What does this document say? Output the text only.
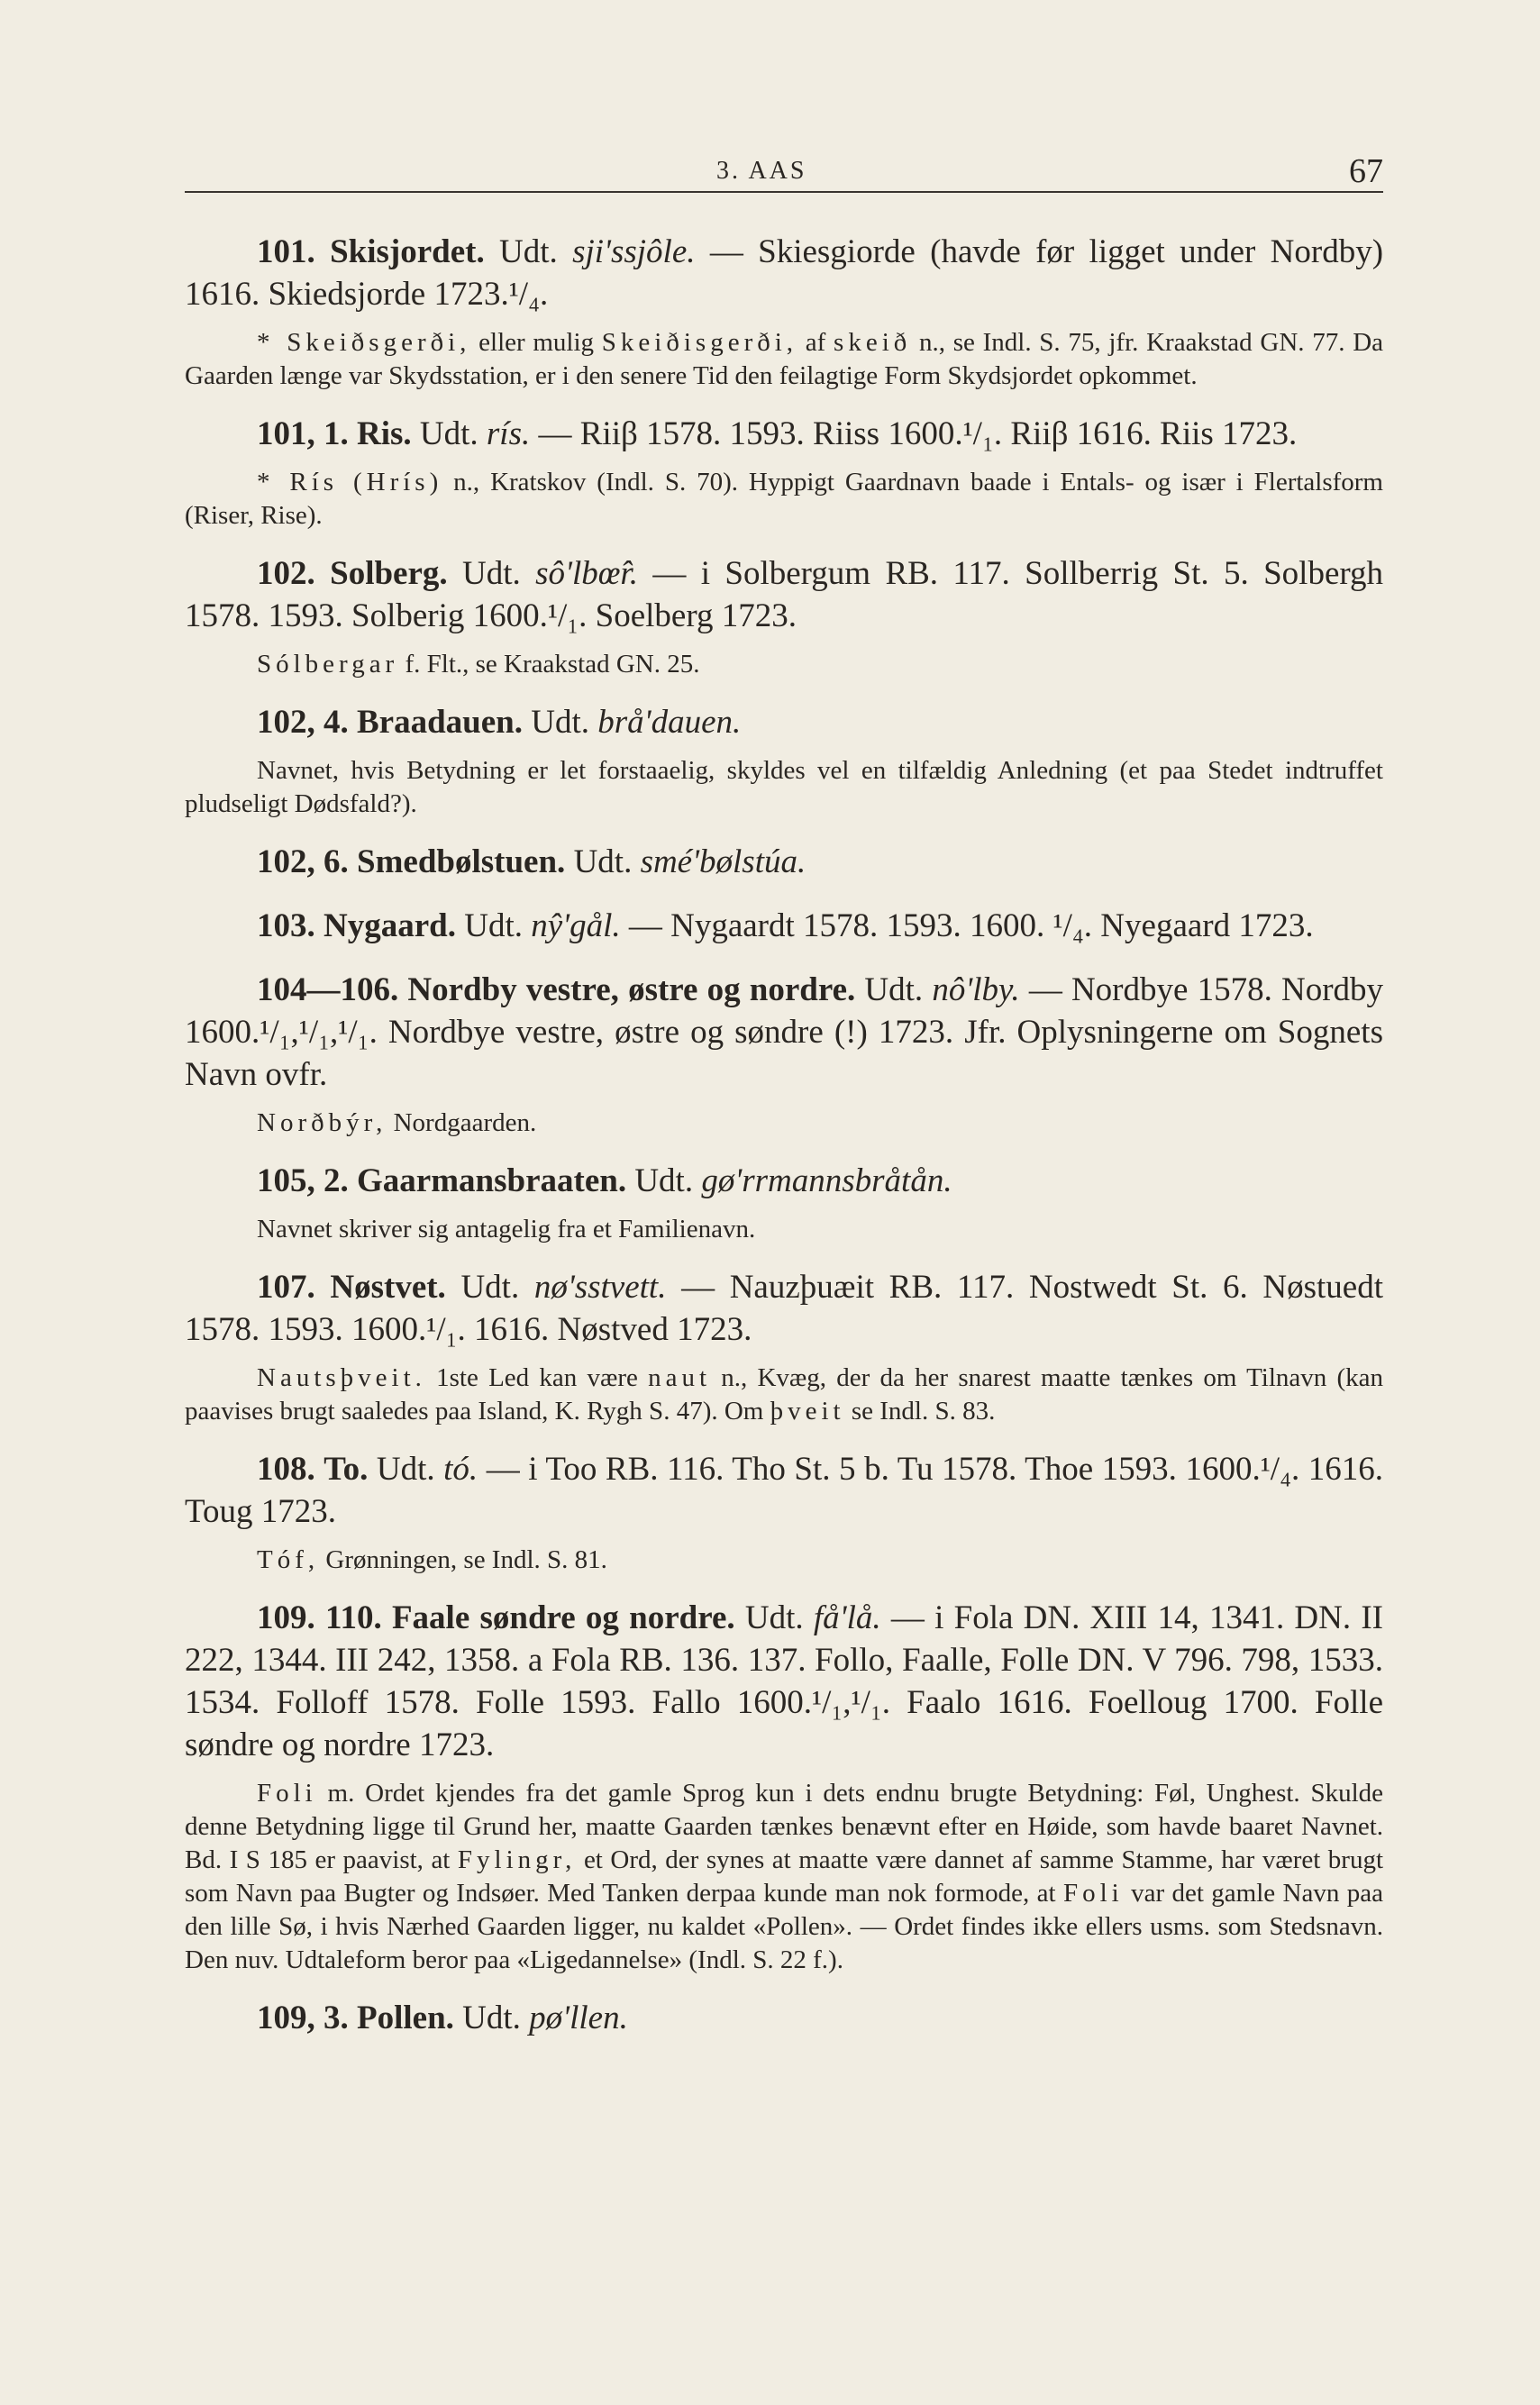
3. AAS	67

101. Skisjordet. Udt. sji'ssjôle. — Skiesgiorde (havde før ligget under Nordby) 1616. Skiedsjorde 1723.¹/₄.

* Skeiðsgerði, eller mulig Skeiðisgerði, af skeið n., se Indl. S. 75, jfr. Kraakstad GN. 77. Da Gaarden længe var Skydsstation, er i den senere Tid den feilagtige Form Skydsjordet opkommet.

101, 1. Ris. Udt. rís. — Riiβ 1578. 1593. Riiss 1600.¹/₁. Riiβ 1616. Riis 1723.

* Rís (Hrís) n., Kratskov (Indl. S. 70). Hyppigt Gaardnavn baade i Entals- og især i Flertalsform (Riser, Rise).

102. Solberg. Udt. sô'lbœ̂r. — i Solbergum RB. 117. Sollberrig St. 5. Solbergh 1578. 1593. Solberig 1600.¹/₁. Soelberg 1723.

Sólbergar f. Flt., se Kraakstad GN. 25.

102, 4. Braadauen. Udt. brå'dauen.

Navnet, hvis Betydning er let forstaaelig, skyldes vel en tilfældig Anledning (et paa Stedet indtruffet pludseligt Dødsfald?).

102, 6. Smedbølstuen. Udt. smé'bølstúa.

103. Nygaard. Udt. nŷ'gål. — Nygaardt 1578. 1593. 1600. ¹/₄. Nyegaard 1723.

104—106. Nordby vestre, østre og nordre. Udt. nô'lby. — Nordbye 1578. Nordby 1600.¹/₁,¹/₁,¹/₁. Nordbye vestre, østre og søndre (!) 1723. Jfr. Oplysningerne om Sognets Navn ovfr.

Norðbýr, Nordgaarden.

105, 2. Gaarmansbraaten. Udt. gø'rrmannsbråtån.

Navnet skriver sig antagelig fra et Familienavn.

107. Nøstvet. Udt. nø'sstvett. — Nauzþuæit RB. 117. Nostwedt St. 6. Nøstuedt 1578. 1593. 1600.¹/₁. 1616. Nøstved 1723.

Nautsþveit. 1ste Led kan være naut n., Kvæg, der da her snarest maatte tænkes om Tilnavn (kan paavises brugt saaledes paa Island, K. Rygh S. 47). Om þveit se Indl. S. 83.

108. To. Udt. tó. — i Too RB. 116. Tho St. 5 b. Tu 1578. Thoe 1593. 1600.¹/₄. 1616. Toug 1723.

Tóf, Grønningen, se Indl. S. 81.

109. 110. Faale søndre og nordre. Udt. få'lå. — i Fola DN. XIII 14, 1341. DN. II 222, 1344. III 242, 1358. a Fola RB. 136. 137. Follo, Faalle, Folle DN. V 796. 798, 1533. 1534. Folloff 1578. Folle 1593. Fallo 1600.¹/₁,¹/₁. Faalo 1616. Foelloug 1700. Folle søndre og nordre 1723.

Foli m. Ordet kjendes fra det gamle Sprog kun i dets endnu brugte Betydning: Føl, Unghest. Skulde denne Betydning ligge til Grund her, maatte Gaarden tænkes benævnt efter en Høide, som havde baaret Navnet. Bd. I S 185 er paavist, at Fylingr, et Ord, der synes at maatte være dannet af samme Stamme, har været brugt som Navn paa Bugter og Indsøer. Med Tanken derpaa kunde man nok formode, at Foli var det gamle Navn paa den lille Sø, i hvis Nærhed Gaarden ligger, nu kaldet «Pollen». — Ordet findes ikke ellers usms. som Stedsnavn. Den nuv. Udtaleform beror paa «Ligedannelse» (Indl. S. 22 f.).

109, 3. Pollen. Udt. pø'llen.
